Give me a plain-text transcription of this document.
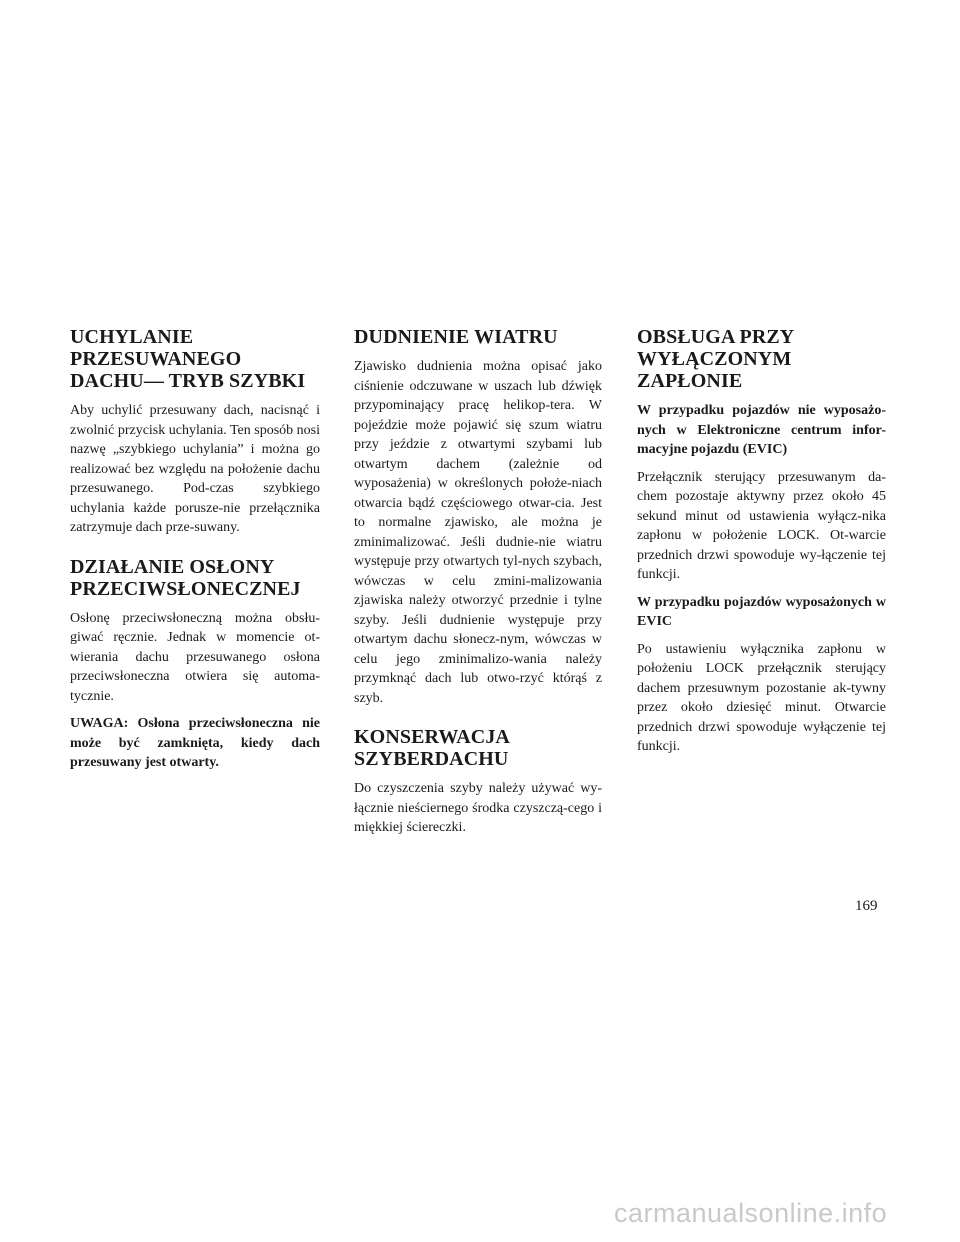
UCHYLANIE
PRZESUWANEGO
DACHU— TRYB SZYBKI

Aby uchylić przesuwany dach, nacisnąć i zwolnić przycisk uchylania. Ten sposób nosi nazwę „szybkiego uchylania” i można go realizować bez względu na położenie dachu przesuwanego. Pod-czas szybkiego uchylania każde porusze-nie przełącznika zatrzymuje dach prze-suwany.

DZIAŁANIE OSŁONY
PRZECIWSŁONECZNEJ

Osłonę przeciwsłoneczną można obsłu-giwać ręcznie. Jednak w momencie ot-wierania dachu przesuwanego osłona przeciwsłoneczna otwiera się automa-tycznie.

UWAGA: Osłona przeciwsłoneczna nie może być zamknięta, kiedy dach przesuwany jest otwarty.

DUDNIENIE WIATRU

Zjawisko dudnienia można opisać jako ciśnienie odczuwane w uszach lub dźwięk przypominający pracę helikop-tera. W pojeździe może pojawić się szum wiatru przy jeździe z otwartymi szybami lub otwartym dachem (zależnie od wyposażenia) w określonych położe-niach otwarcia bądź częściowego otwar-cia. Jest to normalne zjawisko, ale można je zminimalizować. Jeśli dudnie-nie wiatru występuje przy otwartych tyl-nych szybach, wówczas w celu zmini-malizowania zjawiska należy otworzyć przednie i tylne szyby. Jeśli dudnienie występuje przy otwartym dachu słonecz-nym, wówczas w celu jego zminimalizo-wania należy przymknąć dach lub otwo-rzyć którąś z szyb.

KONSERWACJA
SZYBERDACHU

Do czyszczenia szyby należy używać wy-łącznie nieściernego środka czyszczą-cego i miękkiej ściereczki.

OBSŁUGA PRZY
WYŁĄCZONYM
ZAPŁONIE

W przypadku pojazdów nie wyposażo-nych w Elektroniczne centrum infor-macyjne pojazdu (EVIC)

Przełącznik sterujący przesuwanym da-chem pozostaje aktywny przez około 45 sekund minut od ustawienia wyłącz-nika zapłonu w położenie LOCK. Ot-warcie przednich drzwi spowoduje wy-łączenie tej funkcji.

W przypadku pojazdów wyposażonych w EVIC

Po ustawieniu wyłącznika zapłonu w położeniu LOCK przełącznik sterujący dachem przesuwnym pozostanie ak-tywny przez około dziesięć minut. Otwarcie przednich drzwi spowoduje wyłączenie tej funkcji.

169
carmanualsonline.info
